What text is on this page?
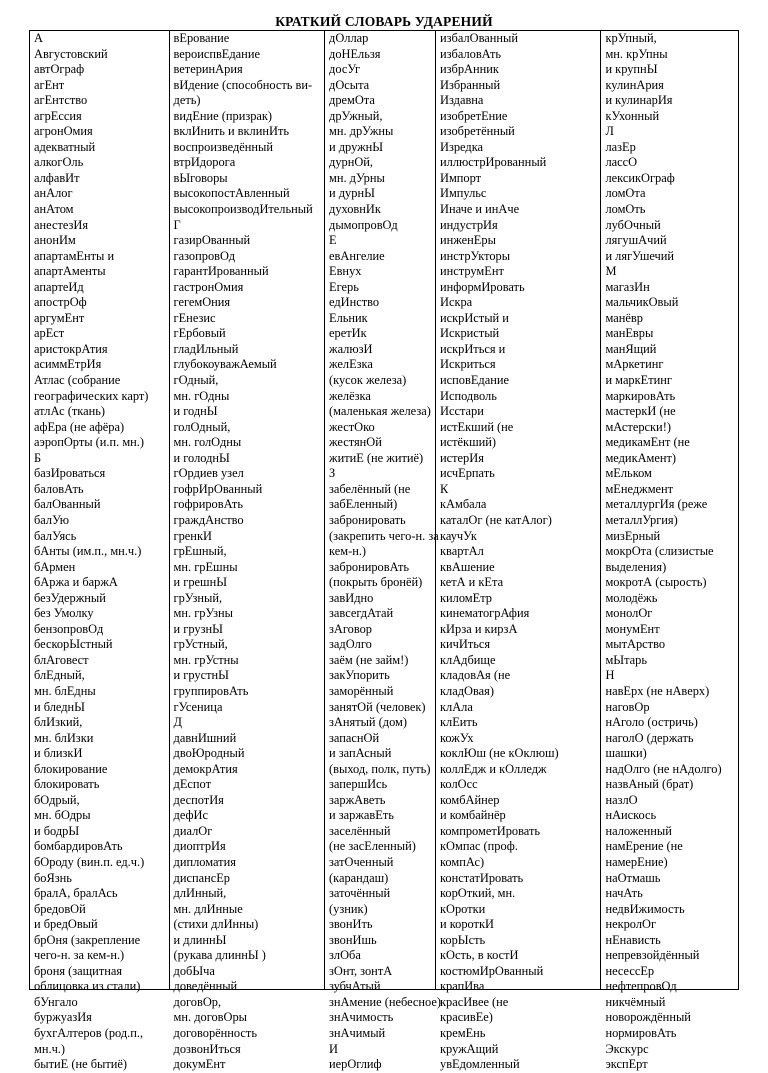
КРАТКИЙ СЛОВАРЬ УДАРЕНИЙ
А
Августовский
автОграф
агЕнт
агЕнтство
агрЕссия
агронОмия
адекватный
алкогОль
алфавИт
анАлог
анАтом
анестезИя
анонИм
апартамЕнты и
апартАменты
апартеИд
апострОф
аргумЕнт
арЕст
аристокрАтия
асиммЕтрИя
Атлас (собрание
географических карт)
атлАс (ткань)
афЕра (не афёра)
аэропОрты (и.п. мн.)
Б
базИроваться
баловАть
балОванный
балУю
балУясь
бАнты (им.п., мн.ч.)
бАрмен
бАржа и баржА
безУдержный
без Умолку
бензопровОд
бескорЫстный
блАговест
блЕдный,
мн. блЕдны
и бледнЫ
блИзкий,
мн. блИзки
и близкИ
блокирование
блокировать
бОдрый,
мн. бОдры
и бодрЫ
бомбардировАть
бОроду (вин.п. ед.ч.)
боЯзнь
бралА, бралАсь
бредовОй
и бредОвый
брОня (закрепление
чего-н. за кем-н.)
броня (защитная
облицовка из стали)
бУнгало
буржуазИя
бухгАлтеров (род.п.,
мн.ч.)
бытиЕ (не бытиё)
вЕрование
вероиспвЕдание
ветеринАрия
вИдение (способность ви-
деть)
видЕние (призрак)
вклИнить и вклинИть
воспроизведённый
втрИдорога
вЫговоры
высокопостАвленный
высокопроизводИтельный
Г
газирОванный
газопровОд
гарантИрованный
гастронОмия
гегемОния
гЕнезис
гЕрбовый
гладИльный
глубокоуважАемый
гОдный,
мн. гОдны
и годнЫ
голОдный,
мн. голОдны
и голоднЫ
гОрдиев узел
гофрИрОванный
гофрировАть
граждАнство
гренкИ
грЕшный,
мн. грЕшны
и грешнЫ
грУзный,
мн. грУзны
и грузнЫ
грУстный,
мн. грУстны
и грустнЫ
группировАть
гУсеница
Д
давнИшний
двоЮродный
демокрАтия
дЕспот
деспотИя
дефИс
диалОг
диоптрИя
дипломатия
диспансЕр
длИнный,
мн. длИнные
(стихи длИнны)
и длиннЫ
(рукава длиннЫ )
добЫча
доведённый
договОр,
мн. договОры
договорённость
дозвонИться
докумЕнт
дОллар
доНЕльзя
досУг
дОсыта
дремОта
дрУжный,
мн. дрУжны
и дружнЫ
дурнОй,
мн. дУрны
и дурнЫ
духовнИк
дымопровОд
Е
евАнгелие
Евнух
Егерь
едИнство
Ельник
еретИк
жалюзИ
желЕзка
(кусок железа)
желёзка
(маленькая железа)
жестОко
жестянОй
житиЕ (не житиё)
З
забелённый (не
забЕленный)
забронировать
(закрепить чего-н. за
кем-н.)
забронировАть
(покрыть бронёй)
завИдно
завсегдАтай
зАговор
задОлго
заём (не займ!)
закУпорить
заморённый
занятОй (человек)
зАнятый (дом)
запаснОй
и запАсный
(выход, полк, путь)
запершИсь
заржАветь
и заржавЕть
заселённый
(не засЕленный)
затОченный
(карандаш)
заточённый
(узник)
звонИть
звонИшь
злОба
зОнт, зонтА
зубчАтый
знАмение (небесное)
знАчимость
знАчимый
И
иерОглиф
избалОванный
избаловАть
избрАнник
Избранный
Издавна
изобретЕние
изобретённый
Изредка
иллюстрИрованный
Импорт
Импульс
Иначе и инАче
индустрИя
инженЕры
инстрУкторы
инструмЕнт
информИровать
Искра
искрИстый и
Искристый
искрИться и
Искриться
исповЕдание
Исподволь
Исстари
истЕкший (не
истёкший)
истерИя
исчЕрпать
К
кАмбала
каталОг (не катАлог)
каучУк
квартАл
квАшение
кетА и кЕта
киломЕтр
кинематогрАфия
кИрза и кирзА
кичИться
клАдбище
кладовАя (не
кладОвая)
клАла
клЕить
кожУх
коклЮш (не кОклюш)
коллЕдж и кОлледж
колОсс
комбАйнер
и комбайнёр
компрометИровать
кОмпас (проф.
компАс)
констатИровать
корОткий, мн.
кОротки
и короткИ
корЫсть
кОсть, в костИ
костюмИрОванный
крапИва
красИвее (не
красивЕе)
кремЕнь
кружАщий
увЕдомленный
крУпный,
мн. крУпны
и крупнЫ
кулинАрия
и кулинарИя
кУхонный
Л
лазЕр
лассО
лексикОграф
ломОта
ломОть
лубОчный
лягушАчий
и лягУшечий
М
магазИн
мальчикОвый
манёвр
манЕвры
манЯщий
мАркетинг
и маркЕтинг
маркировАть
мастеркИ (не
мАстерски!)
медикамЕнт (не
медикАмент)
мЕльком
мЕнеджмент
металлургИя (реже
металлУргия)
мизЕрный
мокрОта (слизистые
выделения)
мокротА (сырость)
молодёжь
монолОг
монумЕнт
мытАрство
мЫтарь
Н
навЕрх (не нАверх)
наговОр
нАголо (остричь)
наголО (держать
шашки)
надОлго (не нАдолго)
назвАный (брат)
назлО
нАискось
наложенный
намЕрение (не
намерЕние)
наОтмашь
начАть
недвИжимость
некролОг
нЕнависть
непревзойдённый
несессЕр
нефтепровОд
никчёмный
новорождённый
нормировАть
Экскурс
экспЕрт
